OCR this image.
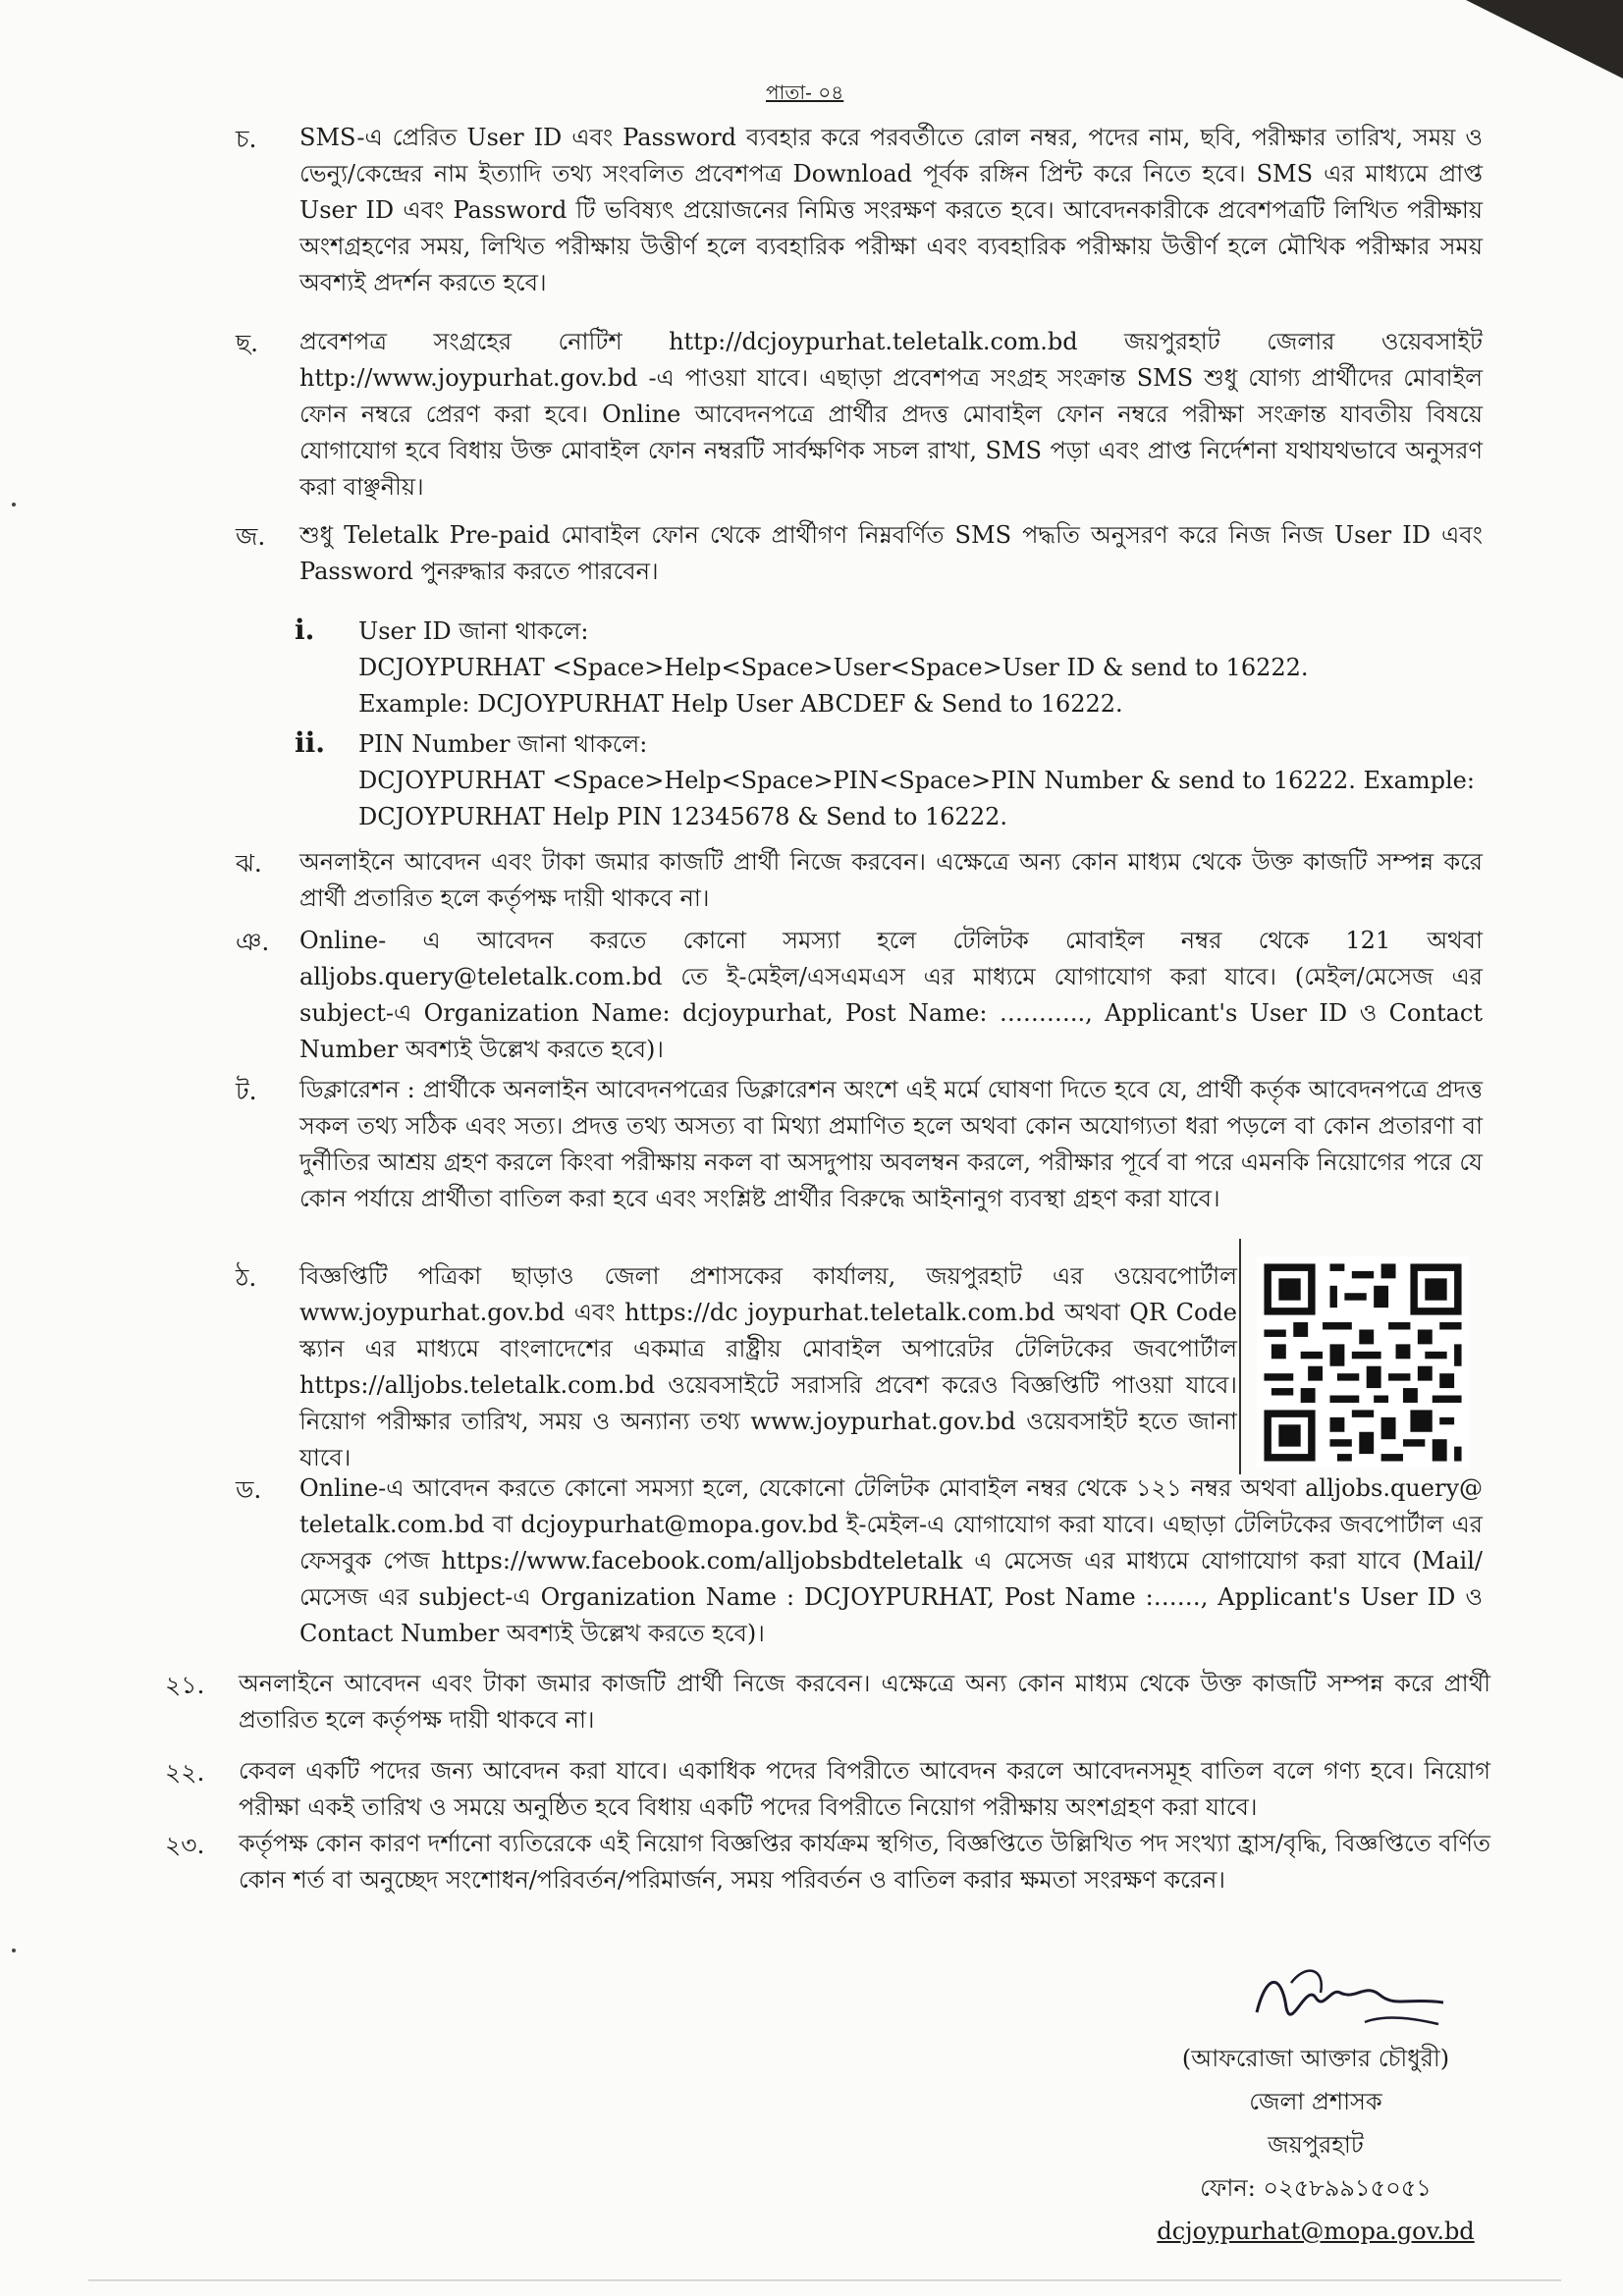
পাতা- ০৪
চ.	SMS-এ প্রেরিত User ID এবং Password ব্যবহার করে পরবর্তীতে রোল নম্বর, পদের নাম, ছবি, পরীক্ষার তারিখ, সময় ও ভেন্যু/কেন্দ্রের নাম ইত্যাদি তথ্য সংবলিত প্রবেশপত্র Download পূর্বক রঙ্গিন প্রিন্ট করে নিতে হবে। SMS এর মাধ্যমে প্রাপ্ত User ID এবং Password টি ভবিষ্যৎ প্রয়োজনের নিমিত্ত সংরক্ষণ করতে হবে। আবেদনকারীকে প্রবেশপত্রটি লিখিত পরীক্ষায় অংশগ্রহণের সময়, লিখিত পরীক্ষায় উত্তীর্ণ হলে ব্যবহারিক পরীক্ষা এবং ব্যবহারিক পরীক্ষায় উত্তীর্ণ হলে মৌখিক পরীক্ষার সময় অবশ্যই প্রদর্শন করতে হবে।
ছ.	প্রবেশপত্র সংগ্রহের নোটিশ http://dcjoypurhat.teletalk.com.bd জয়পুরহাট জেলার ওয়েবসাইট http://www.joypurhat.gov.bd -এ পাওয়া যাবে। এছাড়া প্রবেশপত্র সংগ্রহ সংক্রান্ত SMS শুধু যোগ্য প্রার্থীদের মোবাইল ফোন নম্বরে প্রেরণ করা হবে। Online আবেদনপত্রে প্রার্থীর প্রদত্ত মোবাইল ফোন নম্বরে পরীক্ষা সংক্রান্ত যাবতীয় বিষয়ে যোগাযোগ হবে বিধায় উক্ত মোবাইল ফোন নম্বরটি সার্বক্ষণিক সচল রাখা, SMS পড়া এবং প্রাপ্ত নির্দেশনা যথাযথভাবে অনুসরণ করা বাঞ্ছনীয়।
জ.	শুধু Teletalk Pre-paid মোবাইল ফোন থেকে প্রার্থীগণ নিম্নবর্ণিত SMS পদ্ধতি অনুসরণ করে নিজ নিজ User ID এবং Password পুনরুদ্ধার করতে পারবেন।
i.	User ID জানা থাকলে:
DCJOYPURHAT <Space>Help<Space>User<Space>User ID & send to 16222.
Example: DCJOYPURHAT Help User ABCDEF & Send to 16222.
ii.	PIN Number জানা থাকলে:
DCJOYPURHAT <Space>Help<Space>PIN<Space>PIN Number & send to 16222. Example:
DCJOYPURHAT Help PIN 12345678 & Send to 16222.
ঝ.	অনলাইনে আবেদন এবং টাকা জমার কাজটি প্রার্থী নিজে করবেন। এক্ষেত্রে অন্য কোন মাধ্যম থেকে উক্ত কাজটি সম্পন্ন করে প্রার্থী প্রতারিত হলে কর্তৃপক্ষ দায়ী থাকবে না।
ঞ.	Online- এ আবেদন করতে কোনো সমস্যা হলে টেলিটক মোবাইল নম্বর থেকে 121 অথবা alljobs.query@teletalk.com.bd তে ই-মেইল/এসএমএস এর মাধ্যমে যোগাযোগ করা যাবে। (মেইল/মেসেজ এর subject-এ Organization Name: dcjoypurhat, Post Name: ……….., Applicant's User ID ও Contact Number অবশ্যই উল্লেখ করতে হবে)।
ট.	ডিক্লারেশন : প্রার্থীকে অনলাইন আবেদনপত্রের ডিক্লারেশন অংশে এই মর্মে ঘোষণা দিতে হবে যে, প্রার্থী কর্তৃক আবেদনপত্রে প্রদত্ত সকল তথ্য সঠিক এবং সত্য। প্রদত্ত তথ্য অসত্য বা মিথ্যা প্রমাণিত হলে অথবা কোন অযোগ্যতা ধরা পড়লে বা কোন প্রতারণা বা দুর্নীতির আশ্রয় গ্রহণ করলে কিংবা পরীক্ষায় নকল বা অসদুপায় অবলম্বন করলে, পরীক্ষার পূর্বে বা পরে এমনকি নিয়োগের পরে যে কোন পর্যায়ে প্রার্থীতা বাতিল করা হবে এবং সংশ্লিষ্ট প্রার্থীর বিরুদ্ধে আইনানুগ ব্যবস্থা গ্রহণ করা যাবে।
ঠ.	বিজ্ঞপ্তিটি পত্রিকা ছাড়াও জেলা প্রশাসকের কার্যালয়, জয়পুরহাট এর ওয়েবপোর্টাল www.joypurhat.gov.bd এবং https://dc joypurhat.teletalk.com.bd অথবা QR Code স্ক্যান এর মাধ্যমে বাংলাদেশের একমাত্র রাষ্ট্রীয় মোবাইল অপারেটর টেলিটকের জবপোর্টাল https://alljobs.teletalk.com.bd ওয়েবসাইটে সরাসরি প্রবেশ করেও বিজ্ঞপ্তিটি পাওয়া যাবে। নিয়োগ পরীক্ষার তারিখ, সময় ও অন্যান্য তথ্য www.joypurhat.gov.bd ওয়েবসাইট হতে জানা যাবে।
ড.	Online-এ আবেদন করতে কোনো সমস্যা হলে, যেকোনো টেলিটক মোবাইল নম্বর থেকে ১২১ নম্বর অথবা alljobs.query@ teletalk.com.bd বা dcjoypurhat@mopa.gov.bd ই-মেইল-এ যোগাযোগ করা যাবে। এছাড়া টেলিটকের জবপোর্টাল এর ফেসবুক পেজ https://www.facebook.com/alljobsbdteletalk এ মেসেজ এর মাধ্যমে যোগাযোগ করা যাবে (Mail/মেসেজ এর subject-এ Organization Name : DCJOYPURHAT, Post Name :……, Applicant's User ID ও Contact Number অবশ্যই উল্লেখ করতে হবে)।
২১.	অনলাইনে আবেদন এবং টাকা জমার কাজটি প্রার্থী নিজে করবেন। এক্ষেত্রে অন্য কোন মাধ্যম থেকে উক্ত কাজটি সম্পন্ন করে প্রার্থী প্রতারিত হলে কর্তৃপক্ষ দায়ী থাকবে না।
২২.	কেবল একটি পদের জন্য আবেদন করা যাবে। একাধিক পদের বিপরীতে আবেদন করলে আবেদনসমূহ বাতিল বলে গণ্য হবে। নিয়োগ পরীক্ষা একই তারিখ ও সময়ে অনুষ্ঠিত হবে বিধায় একটি পদের বিপরীতে নিয়োগ পরীক্ষায় অংশগ্রহণ করা যাবে।
২৩.	কর্তৃপক্ষ কোন কারণ দর্শানো ব্যতিরেকে এই নিয়োগ বিজ্ঞপ্তির কার্যক্রম স্থগিত, বিজ্ঞপ্তিতে উল্লিখিত পদ সংখ্যা হ্রাস/বৃদ্ধি, বিজ্ঞপ্তিতে বর্ণিত কোন শর্ত বা অনুচ্ছেদ সংশোধন/পরিবর্তন/পরিমার্জন, সময় পরিবর্তন ও বাতিল করার ক্ষমতা সংরক্ষণ করেন।
(আফরোজা আক্তার চৌধুরী)
জেলা প্রশাসক
জয়পুরহাট
ফোন: ০২৫৮৯৯১৫০৫১
dcjoypurhat@mopa.gov.bd
